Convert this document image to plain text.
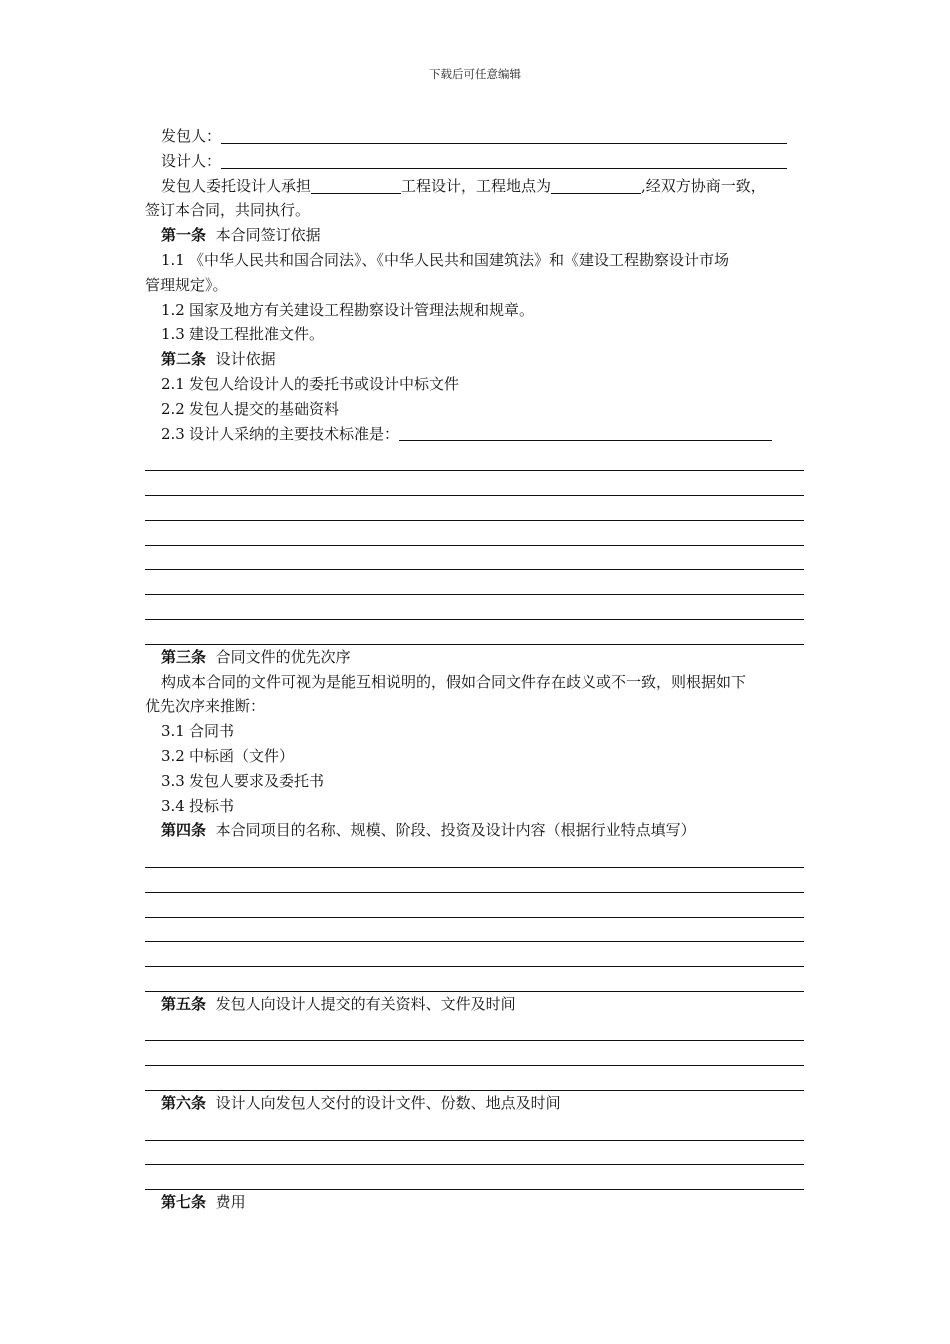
下载后可任意编辑
发包人：
设计人：
发包人委托设计人承担	工程设计，工程地点为	,经双方协商一致，
签订本合同，共同执行。
第一条 本合同签订依据
1.1 《中华人民共和国合同法》、《中华人民共和国建筑法》和《建设工程勘察设计市场
管理规定》。
1.2 国家及地方有关建设工程勘察设计管理法规和规章。
1.3 建设工程批准文件。
第二条 设计依据
2.1 发包人给设计人的委托书或设计中标文件
2.2 发包人提交的基础资料
2.3 设计人采纳的主要技术标准是：
第三条 合同文件的优先次序
构成本合同的文件可视为是能互相说明的，假如合同文件存在歧义或不一致，则根据如下
优先次序来推断：
3.1 合同书
3.2 中标函（文件）
3.3 发包人要求及委托书
3.4 投标书
第四条 本合同项目的名称、规模、阶段、投资及设计内容（根据行业特点填写）
第五条 发包人向设计人提交的有关资料、文件及时间
第六条 设计人向发包人交付的设计文件、份数、地点及时间
第七条 费用
